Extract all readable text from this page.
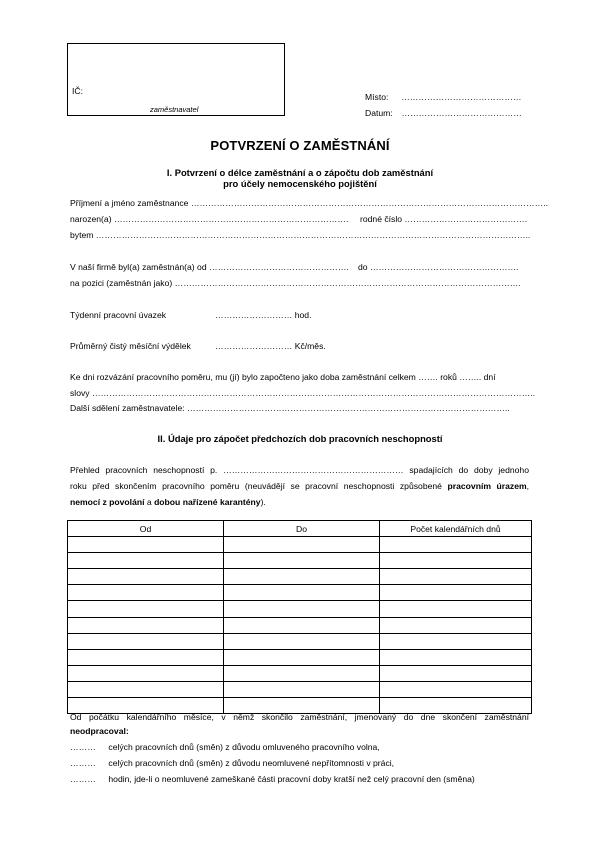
IČ:
zaměstnavatel
Místo: ……………………………………
Datum: ……………………………………
POTVRZENÍ O ZAMĚSTNÁNÍ
I. Potvrzení o délce zaměstnání a o zápočtu dob zaměstnání
pro účely nemocenského pojištění
Příjmení a jméno zaměstnance ……………………………………………………………………………………………………………..
narozen(a) ………………………………………………………………………. rodné číslo …………………………………….
bytem ……………………………………………………………………………………………………………………………………..
V naší firmě byl(a) zaměstnán(a) od …………………………………………. do …………………………………………….
na pozici (zaměstnán jako) ………………………………………………………………………………………………………….
Týdenní pracovní úvazek	……………………… hod.
Průměrný čistý měsíční výdělek	……………………… Kč/měs.
Ke dni rozvázání pracovního poměru, mu (jí) bylo započteno jako doba zaměstnání celkem ……. roků …….. dní
slovy ………………………………………………………………………………………………………………………………………..
Další sdělení zaměstnavatele: …………………………………………………………………………………………………..
II. Údaje pro zápočet předchozích dob pracovních neschopností
Přehled pracovních neschopností p. ……………………………………………………… spadajících do doby jednoho
roku před skončením pracovního poměru (neuvádějí se pracovní neschopnosti způsobené pracovním úrazem,
nemocí z povolání a dobou nařízené karantény).
Od	Do	Počet kalendářních dnů

Od počátku kalendářního měsíce, v němž skončilo zaměstnání, jmenovaný do dne skončení zaměstnání
neodpracoval:
……… celých pracovních dnů (směn) z důvodu omluveného pracovního volna,
……… celých pracovních dnů (směn) z důvodu neomluvené nepřítomnosti v práci,
……… hodin, jde-li o neomluvené zameškané části pracovní doby kratší než celý pracovní den (směna)
